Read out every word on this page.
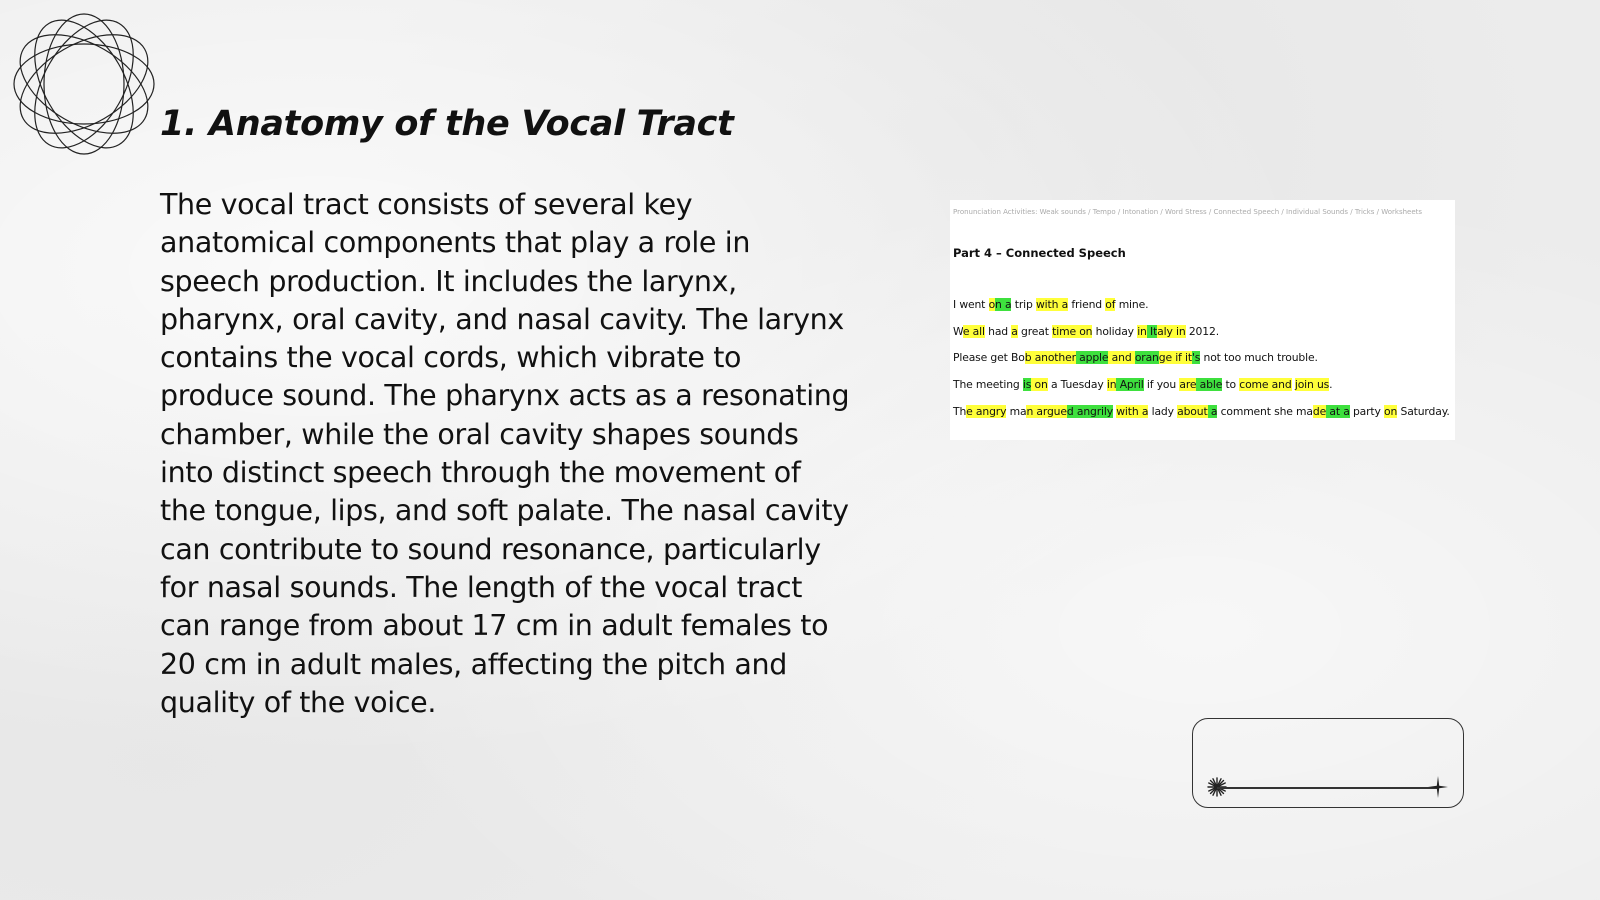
1. Anatomy of the Vocal Tract

The vocal tract consists of several key anatomical components that play a role in speech production. It includes the larynx, pharynx, oral cavity, and nasal cavity. The larynx contains the vocal cords, which vibrate to produce sound. The pharynx acts as a resonating chamber, while the oral cavity shapes sounds into distinct speech through the movement of the tongue, lips, and soft palate. The nasal cavity can contribute to sound resonance, particularly for nasal sounds. The length of the vocal tract can range from about 17 cm in adult females to 20 cm in adult males, affecting the pitch and quality of the voice.

Pronunciation Activities: Weak sounds / Tempo / Intonation / Word Stress / Connected Speech / Individual Sounds / Tricks / Worksheets
Part 4 – Connected Speech
I went on a trip with a friend of mine.
We all had a great time on holiday in Italy in 2012.
Please get Bob another apple and orange if it's not too much trouble.
The meeting is on a Tuesday in April if you are able to come and join us.
The angry man argued angrily with a lady about a comment she made at a party on Saturday.
